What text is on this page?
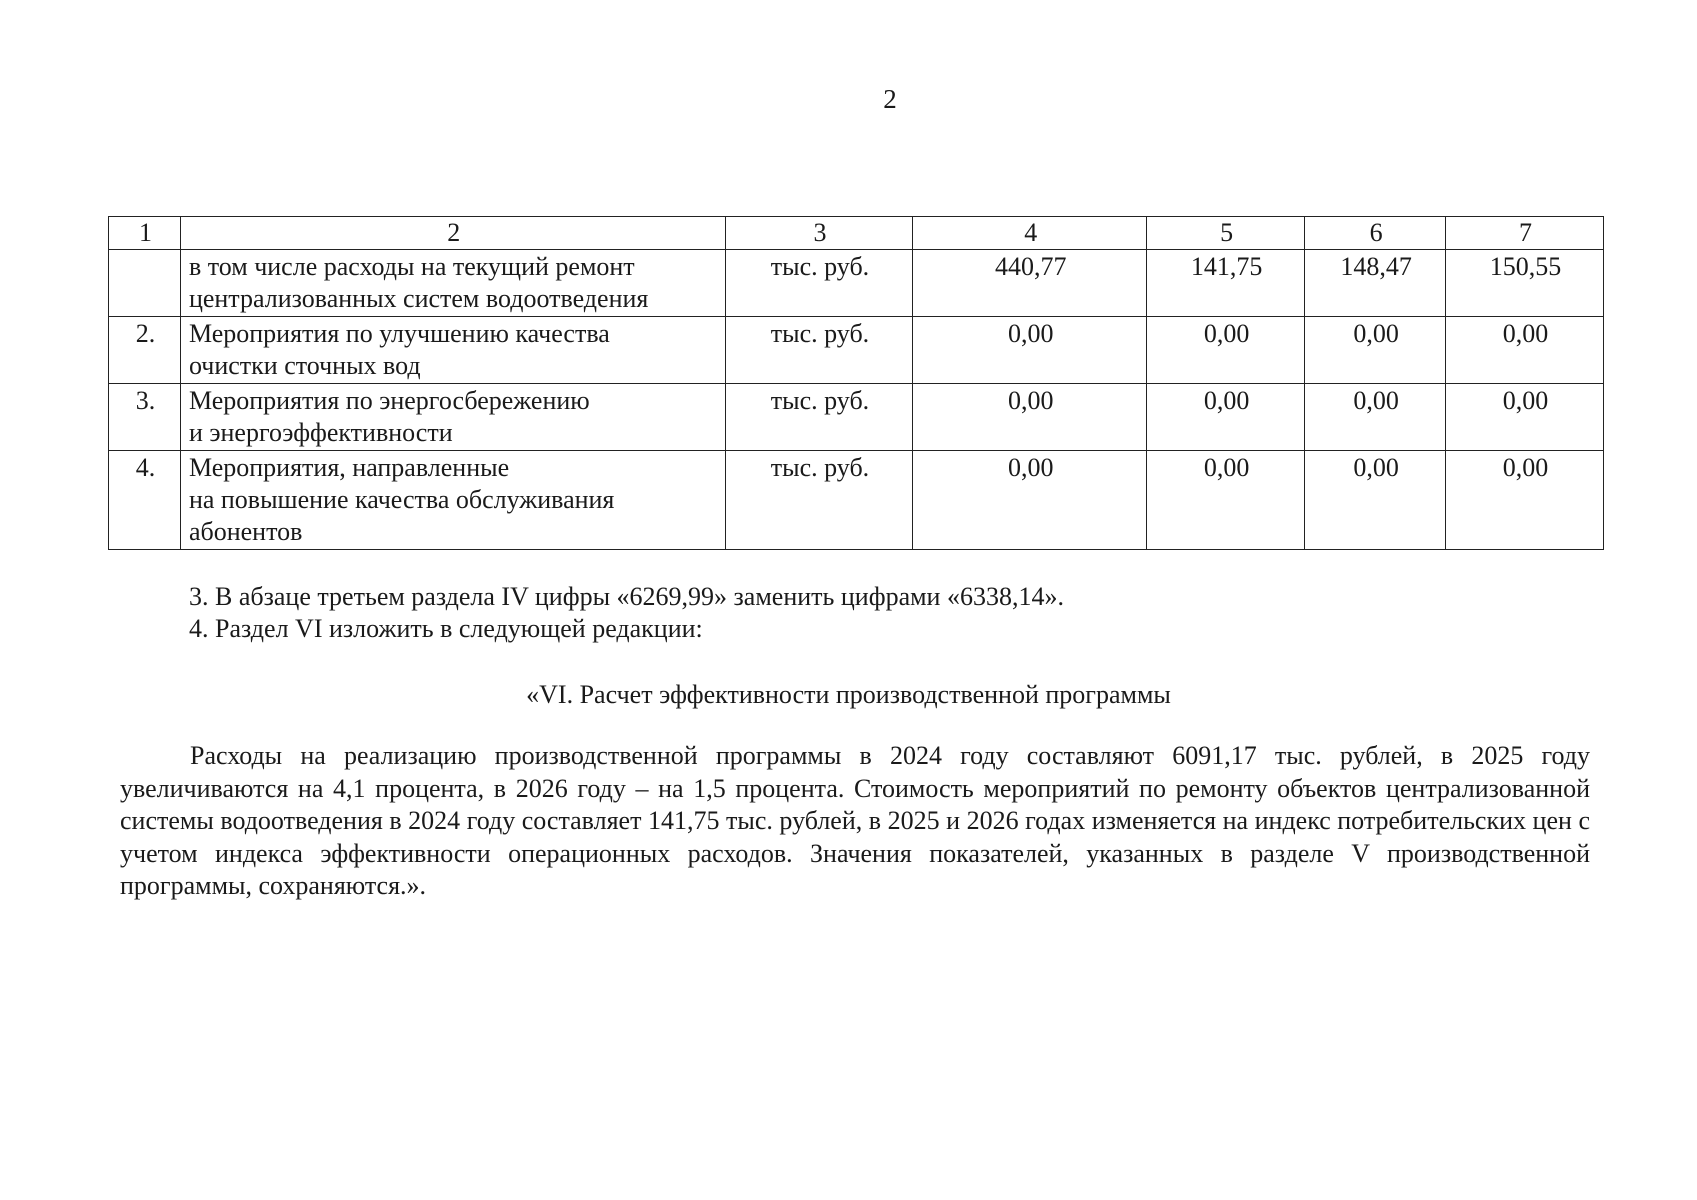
2
1	2	3	4	5	6	7
	в том числе расходы на текущий ремонт
централизованных систем водоотведения	тыс. руб.	440,77	141,75	148,47	150,55
2.	Мероприятия по улучшению качества
очистки сточных вод	тыс. руб.	0,00	0,00	0,00	0,00
3.	Мероприятия по энергосбережению
и энергоэффективности	тыс. руб.	0,00	0,00	0,00	0,00
4.	Мероприятия, направленные
на повышение качества обслуживания
абонентов	тыс. руб.	0,00	0,00	0,00	0,00
3. В абзаце третьем раздела IV цифры «6269,99» заменить цифрами «6338,14».
4. Раздел VI изложить в следующей редакции:
«VI. Расчет эффективности производственной программы
Расходы на реализацию производственной программы в 2024 году составляют 6091,17 тыс. рублей, в 2025 году увеличиваются на 4,1 процента, в 2026 году – на 1,5 процента. Стоимость мероприятий по ремонту объектов централизованной системы водоотведения в 2024 году составляет 141,75 тыс. рублей, в 2025 и 2026 годах изменяется на индекс потребительских цен с учетом индекса эффективности операционных расходов. Значения показателей, указанных в разделе V производственной программы, сохраняются.».
